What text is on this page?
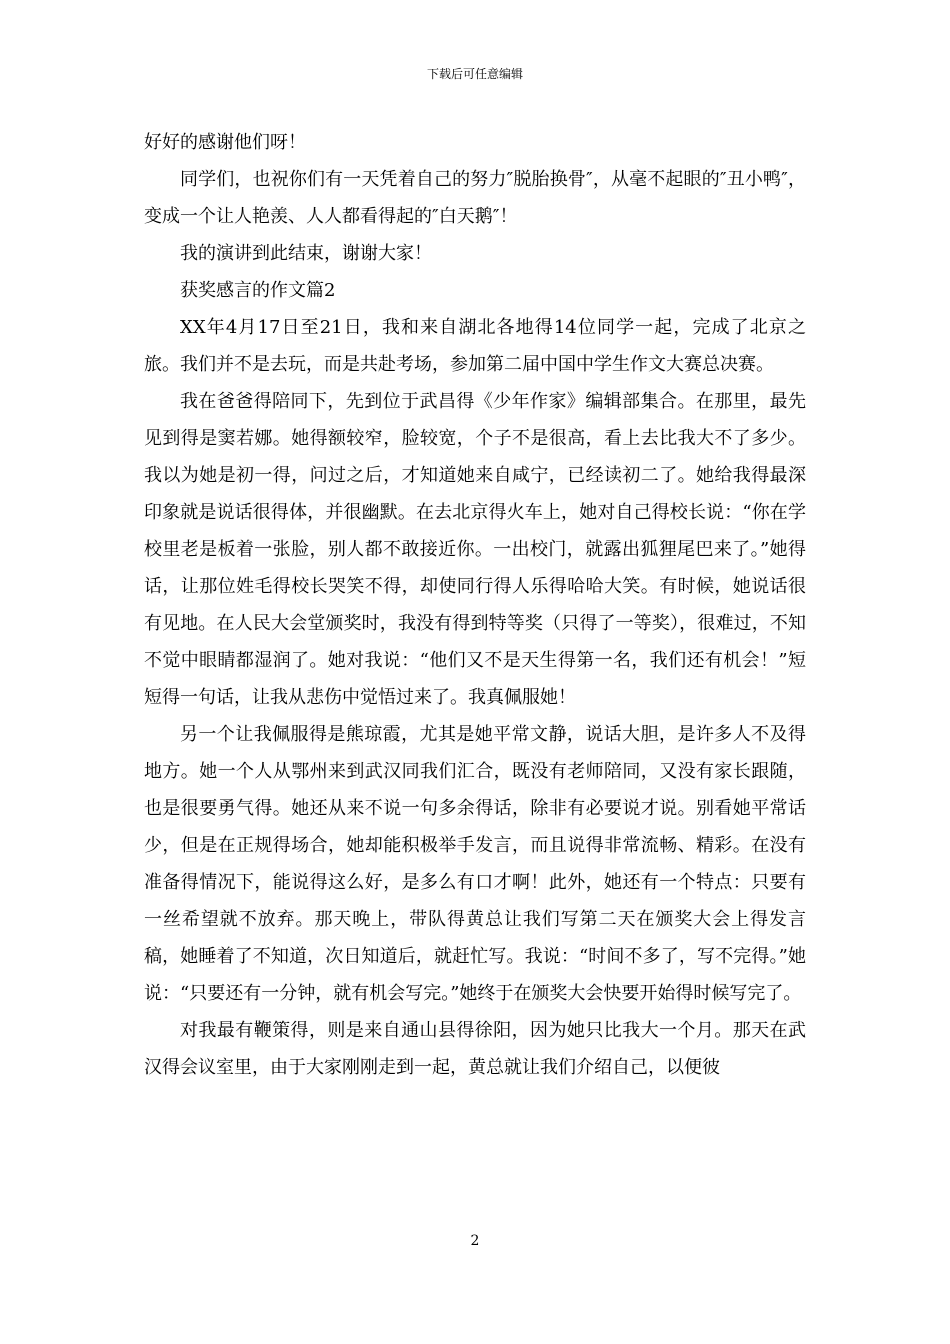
下载后可任意编辑

好好的感谢他们呀！

同学们，也祝你们有一天凭着自己的努力″脱胎换骨″，从毫不起眼的″丑小鸭″，变成一个让人艳羡、人人都看得起的″白天鹅″！

我的演讲到此结束，谢谢大家！

获奖感言的作文篇2

XX年4月17日至21日，我和来自湖北各地得14位同学一起，完成了北京之旅。我们并不是去玩，而是共赴考场，参加第二届中国中学生作文大赛总决赛。

我在爸爸得陪同下，先到位于武昌得《少年作家》编辑部集合。在那里，最先见到得是窦若娜。她得额较窄，脸较宽，个子不是很高，看上去比我大不了多少。我以为她是初一得，问过之后，才知道她来自咸宁，已经读初二了。她给我得最深印象就是说话很得体，并很幽默。在去北京得火车上，她对自己得校长说：“你在学校里老是板着一张脸，别人都不敢接近你。一出校门，就露出狐狸尾巴来了。”她得话，让那位姓毛得校长哭笑不得，却使同行得人乐得哈哈大笑。有时候，她说话很有见地。在人民大会堂颁奖时，我没有得到特等奖（只得了一等奖），很难过，不知不觉中眼睛都湿润了。她对我说：“他们又不是天生得第一名，我们还有机会！”短短得一句话，让我从悲伤中觉悟过来了。我真佩服她！

另一个让我佩服得是熊琼霞，尤其是她平常文静，说话大胆，是许多人不及得地方。她一个人从鄂州来到武汉同我们汇合，既没有老师陪同，又没有家长跟随，也是很要勇气得。她还从来不说一句多余得话，除非有必要说才说。别看她平常话少，但是在正规得场合，她却能积极举手发言，而且说得非常流畅、精彩。在没有准备得情况下，能说得这么好，是多么有口才啊！此外，她还有一个特点：只要有一丝希望就不放弃。那天晚上，带队得黄总让我们写第二天在颁奖大会上得发言稿，她睡着了不知道，次日知道后，就赶忙写。我说：“时间不多了，写不完得。”她说：“只要还有一分钟，就有机会写完。”她终于在颁奖大会快要开始得时候写完了。

对我最有鞭策得，则是来自通山县得徐阳，因为她只比我大一个月。那天在武汉得会议室里，由于大家刚刚走到一起，黄总就让我们介绍自己，以便彼

2
